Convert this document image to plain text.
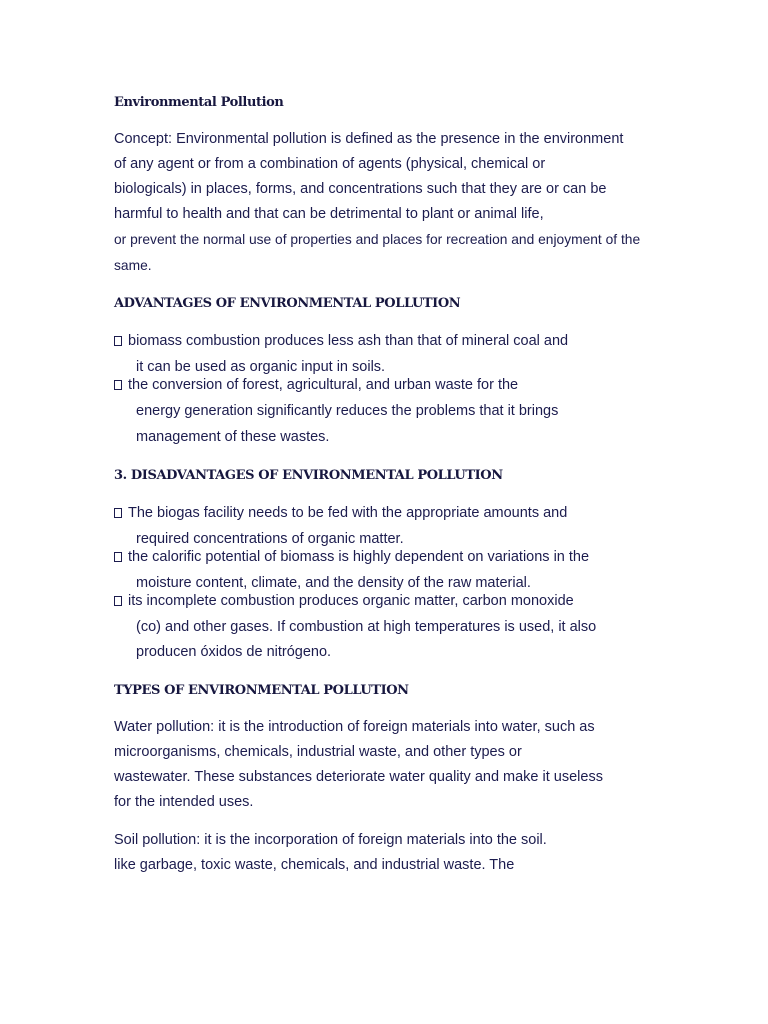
Environmental Pollution
Concept: Environmental pollution is defined as the presence in the environment
of any agent or from a combination of agents (physical, chemical or
biologicals) in places, forms, and concentrations such that they are or can be
harmful to health and that can be detrimental to plant or animal life,
or prevent the normal use of properties and places for recreation and enjoyment of the
same.
ADVANTAGES OF ENVIRONMENTAL POLLUTION
biomass combustion produces less ash than that of mineral coal and
it can be used as organic input in soils.
the conversion of forest, agricultural, and urban waste for the
energy generation significantly reduces the problems that it brings
management of these wastes.
3. DISADVANTAGES OF ENVIRONMENTAL POLLUTION
The biogas facility needs to be fed with the appropriate amounts and
required concentrations of organic matter.
the calorific potential of biomass is highly dependent on variations in the
moisture content, climate, and the density of the raw material.
its incomplete combustion produces organic matter, carbon monoxide
(co) and other gases. If combustion at high temperatures is used, it also
producen óxidos de nitrógeno.
TYPES OF ENVIRONMENTAL POLLUTION
Water pollution: it is the introduction of foreign materials into water, such as
microorganisms, chemicals, industrial waste, and other types or
wastewater. These substances deteriorate water quality and make it useless
for the intended uses.
Soil pollution: it is the incorporation of foreign materials into the soil.
like garbage, toxic waste, chemicals, and industrial waste. The
